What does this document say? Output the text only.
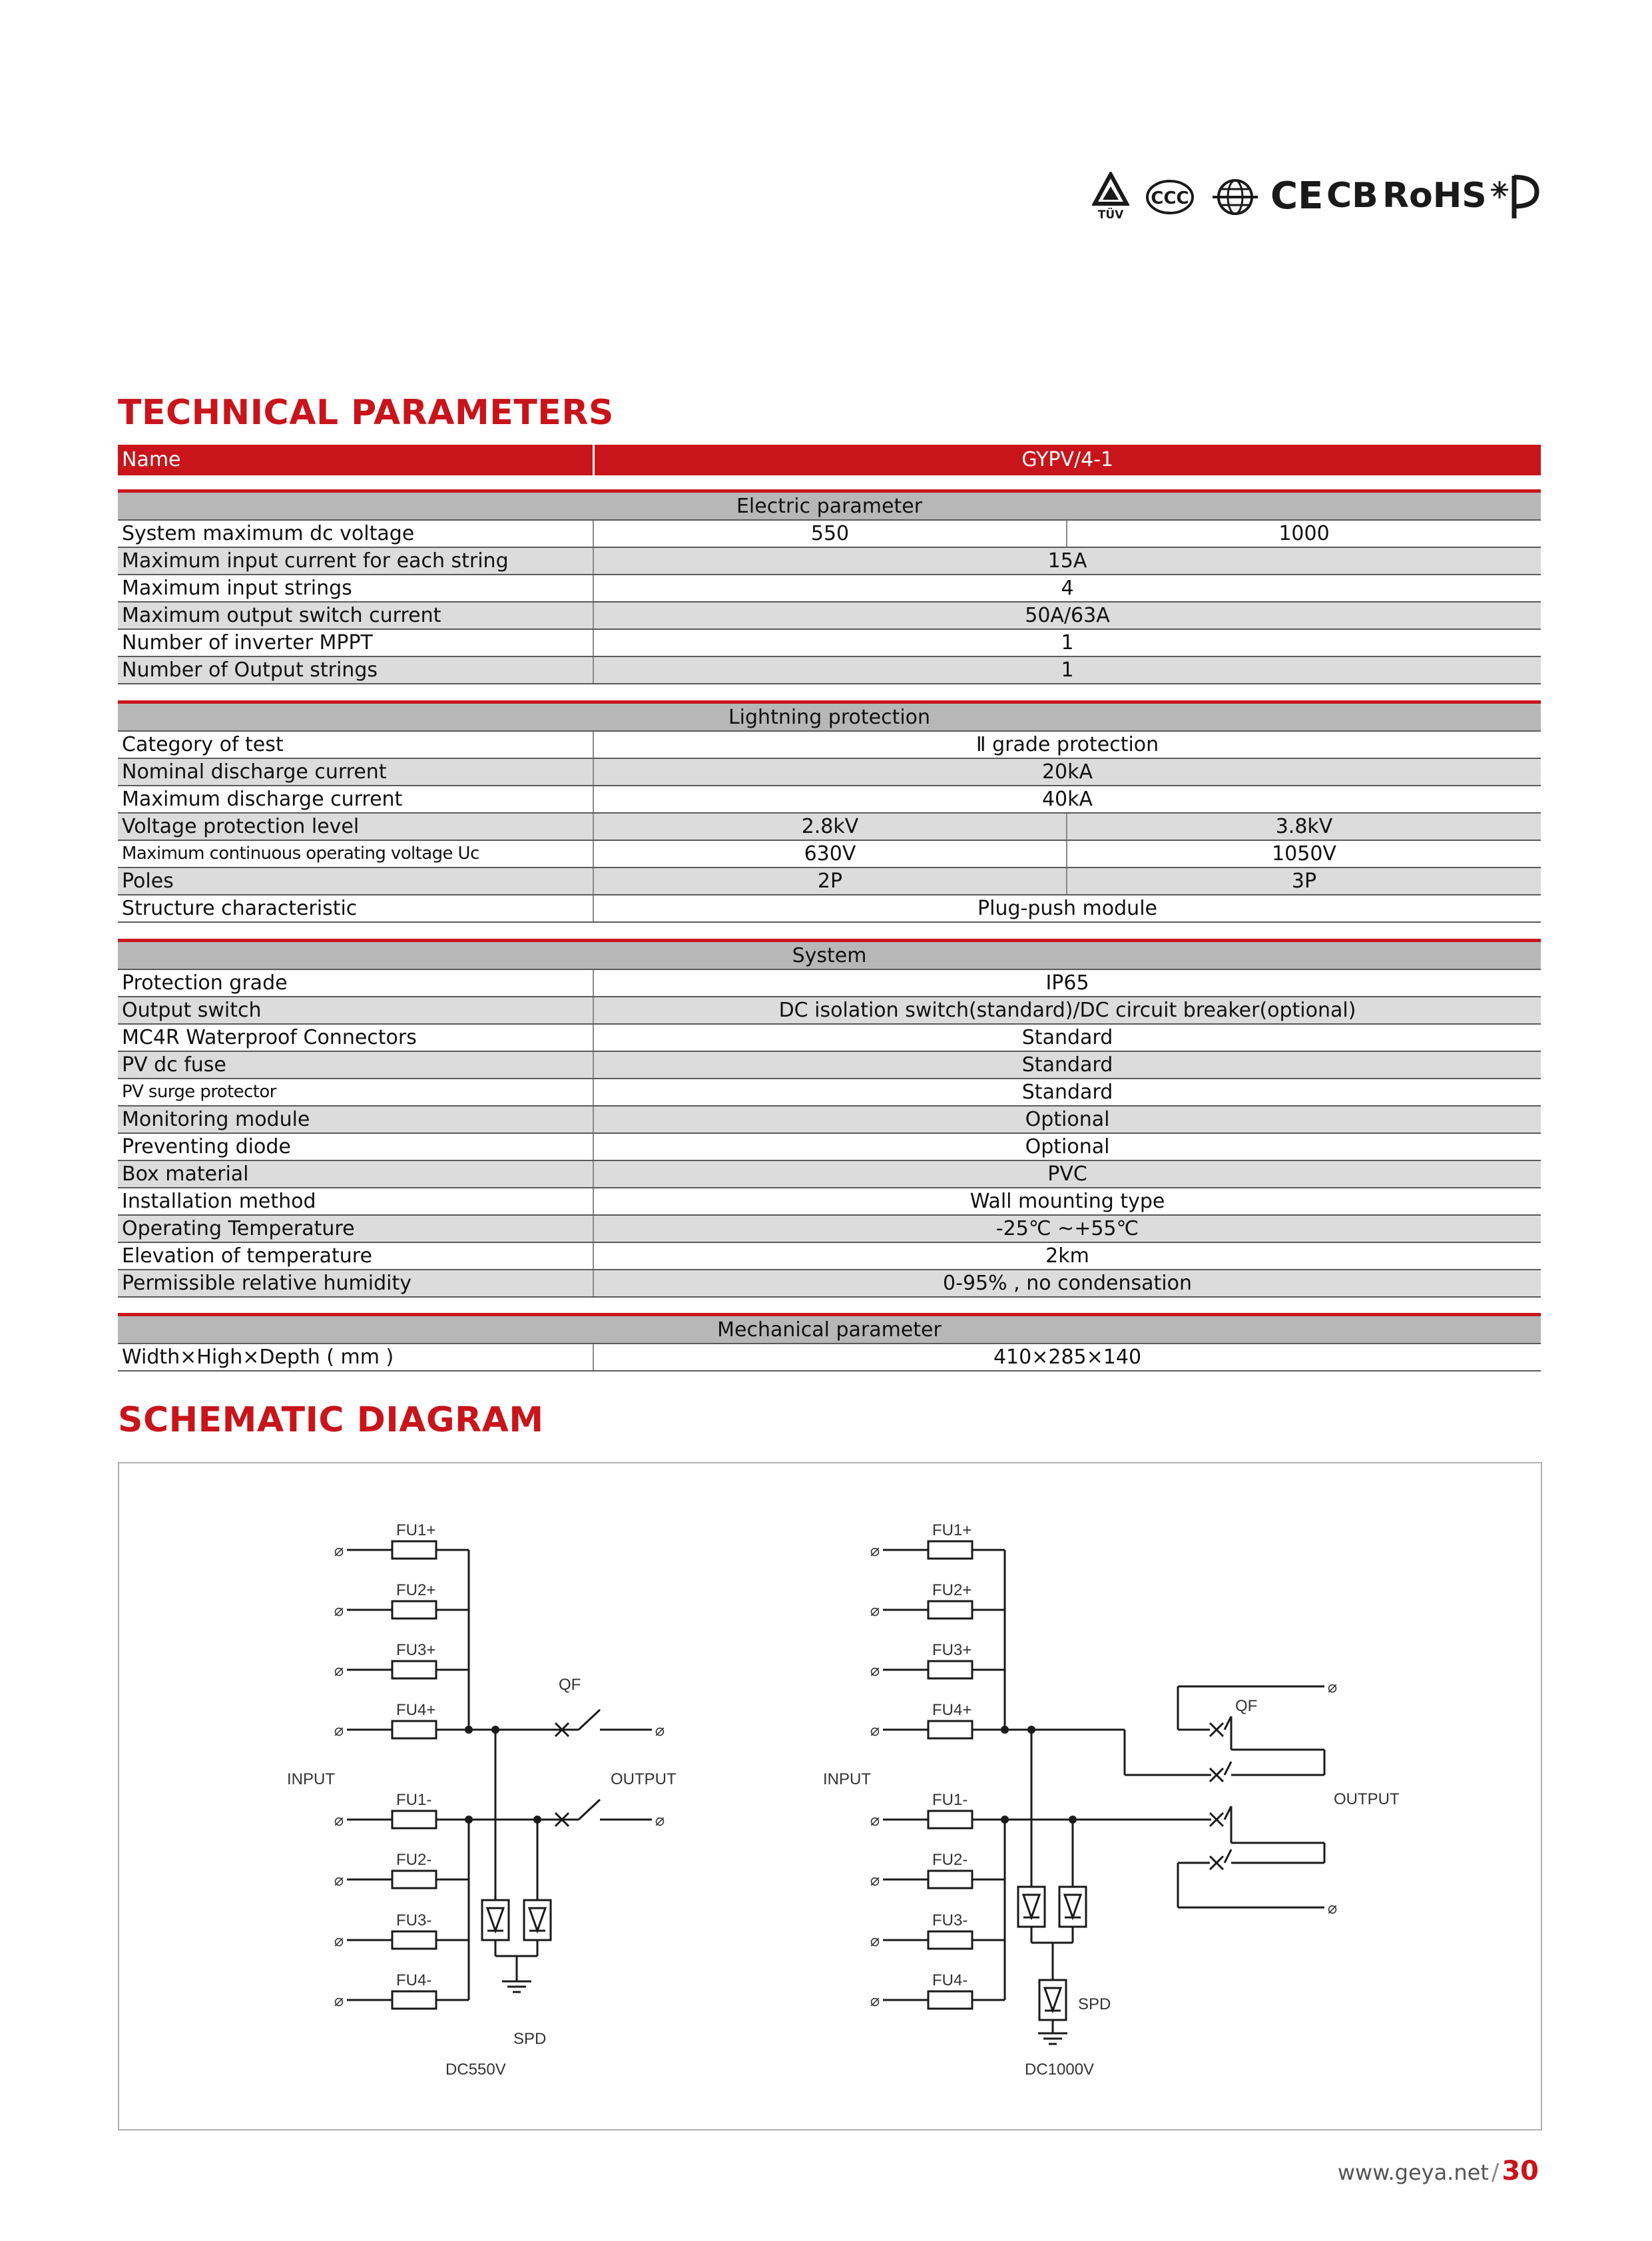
TÜV
CCC CE CB RoHS
TECHNICAL PARAMETERS
Name	GYPV/4-1
Electric parameter		
System maximum dc voltage	550	1000
Maximum input current for each string	15A	
Maximum input strings	4	
Maximum output switch current	50A/63A	
Number of inverter MPPT	1	
Number of Output strings	1	
Lightning protection		
Category of test	Ⅱ grade protection	
Nominal discharge current	20kA	
Maximum discharge current	40kA	
Voltage protection level	2.8kV	3.8kV
Maximum continuous operating voltage Uc	630V	1050V
Poles	2P	3P
Structure characteristic	Plug-push module	
System	
Protection grade	IP65
Output switch	DC isolation switch(standard)/DC circuit breaker(optional)
MC4R Waterproof Connectors	Standard
PV dc fuse	Standard
PV surge protector	Standard
Monitoring module	Optional
Preventing diode	Optional
Box material	PVC
Installation method	Wall mounting type
Operating Temperature	-25℃ ~+55℃
Elevation of temperature	2km
Permissible relative humidity	0-95% , no condensation
Mechanical parameter
Width×High×Depth ( mm )	410×285×140
SCHEMATIC DIAGRAM
⌀
FU1+
⌀
FU2+
⌀
FU3+
⌀
FU4+
⌀
FU1-
⌀
FU2-
⌀
FU3-
⌀
FU4-
INPUT
⌀
⌀
QF
OUTPUT
SPD
DC550V
⌀
FU1+
⌀
FU2+
⌀
FU3+
⌀
FU4+
⌀
FU1-
⌀
FU2-
⌀
FU3-
⌀
FU4-
INPUT
⌀
⌀
QF
OUTPUT
SPD
DC1000V
www.geya.net / 30
